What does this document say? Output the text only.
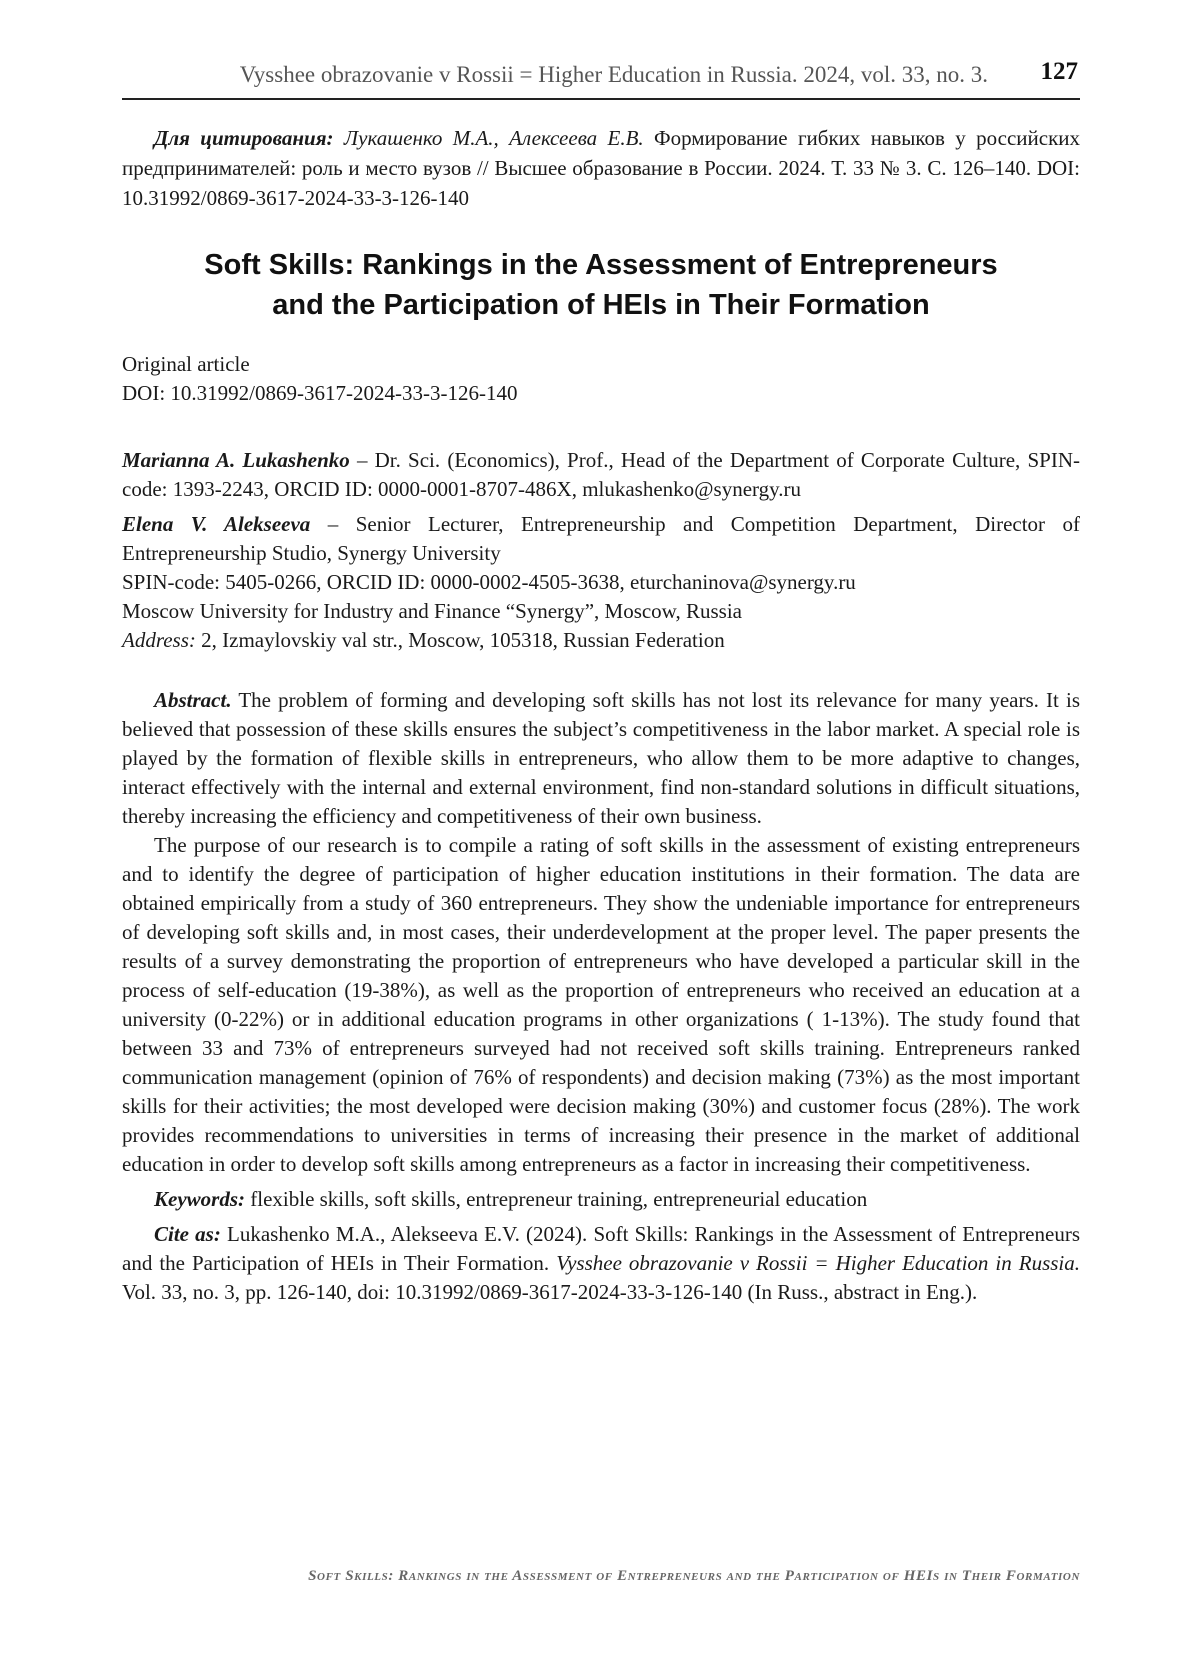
Vysshee obrazovanie v Rossii = Higher Education in Russia. 2024, vol. 33, no. 3. 127
Для цитирования: Лукашенко М.А., Алексеева Е.В. Формирование гибких навыков у российских предпринимателей: роль и место вузов // Высшее образование в России. 2024. Т. 33 № 3. С. 126–140. DOI: 10.31992/0869-3617-2024-33-3-126-140
Soft Skills: Rankings in the Assessment of Entrepreneurs
and the Participation of HEIs in Their Formation
Original article
DOI: 10.31992/0869-3617-2024-33-3-126-140

Marianna A. Lukashenko – Dr. Sci. (Economics), Prof., Head of the Department of Corporate Culture, SPIN-code: 1393-2243, ORCID ID: 0000-0001-8707-486X, mlukashenko@synergy.ru

Elena V. Alekseeva – Senior Lecturer, Entrepreneurship and Competition Department, Director of Entrepreneurship Studio, Synergy University

SPIN-code: 5405-0266, ORCID ID: 0000-0002-4505-3638, eturchaninova@synergy.ru

Moscow University for Industry and Finance “Synergy”, Moscow, Russia

Address: 2, Izmaylovskiy val str., Moscow, 105318, Russian Federation

Abstract. The problem of forming and developing soft skills has not lost its relevance for many years. It is believed that possession of these skills ensures the subject’s competitiveness in the labor market. A special role is played by the formation of flexible skills in entrepreneurs, who allow them to be more adaptive to changes, interact effectively with the internal and external environment, find non-standard solutions in difficult situations, thereby increasing the efficiency and competitiveness of their own business.

The purpose of our research is to compile a rating of soft skills in the assessment of existing entrepreneurs and to identify the degree of participation of higher education institutions in their formation. The data are obtained empirically from a study of 360 entrepreneurs. They show the undeniable importance for entrepreneurs of developing soft skills and, in most cases, their underdevelopment at the proper level. The paper presents the results of a survey demonstrating the proportion of entrepreneurs who have developed a particular skill in the process of self-education (19-38%), as well as the proportion of entrepreneurs who received an education at a university (0-22%) or in additional education programs in other organizations ( 1-13%). The study found that between 33 and 73% of entrepreneurs surveyed had not received soft skills training. Entrepreneurs ranked communication management (opinion of 76% of respondents) and decision making (73%) as the most important skills for their activities; the most developed were decision making (30%) and customer focus (28%). The work provides recommendations to universities in terms of increasing their presence in the market of additional education in order to develop soft skills among entrepreneurs as a factor in increasing their competitiveness.

Keywords: flexible skills, soft skills, entrepreneur training, entrepreneurial education

Cite as: Lukashenko M.A., Alekseeva E.V. (2024). Soft Skills: Rankings in the Assessment of Entrepreneurs and the Participation of HEIs in Their Formation. Vysshee obrazovanie v Rossii = Higher Education in Russia. Vol. 33, no. 3, pp. 126-140, doi: 10.31992/0869-3617-2024-33-3-126-140 (In Russ., abstract in Eng.).

Soft Skills: Rankings in the Assessment of Entrepreneurs and the Participation of HEIs in Their Formation
